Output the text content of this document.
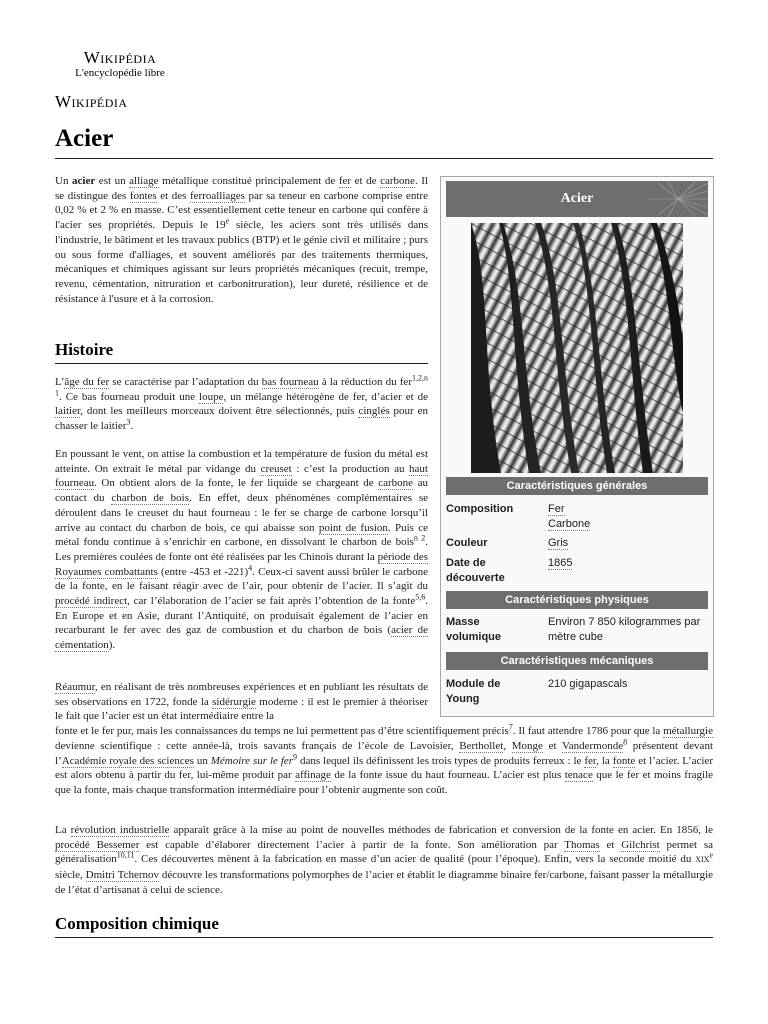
Wikipédia
L'encyclopédie libre
Wikipédia
Acier

Un acier est un alliage métallique constitué principalement de fer et de carbone. Il se distingue des fontes et des ferroalliages par sa teneur en carbone comprise entre 0,02 % et 2 % en masse. C’est essentiellement cette teneur en carbone qui confère à l'acier ses propriétés. Depuis le 19e siècle, les aciers sont très utilisés dans l'industrie, le bâtiment et les travaux publics (BTP) et le génie civil et militaire ; purs ou sous forme d'alliages, et souvent améliorés par des traitements thermiques, mécaniques et chimiques agissant sur leurs propriétés mécaniques (recuit, trempe, revenu, cémentation, nitruration et carbonitruration), leur dureté, résilience et de résistance à l'usure et à la corrosion.

Histoire

L’âge du fer se caractérise par l’adaptation du bas fourneau à la réduction du fer$^{1,2,n 1}$. Ce bas fourneau produit une loupe, un mélange hétérogène de fer, d’acier et de laitier, dont les meilleurs morceaux doivent être sélectionnés, puis cinglés pour en chasser le laitier$^3$.

En poussant le vent, on attise la combustion et la température de fusion du métal est atteinte. On extrait le métal par vidange du creuset : c’est la production au haut fourneau. On obtient alors de la fonte, le fer liquide se chargeant de carbone au contact du charbon de bois. En effet, deux phénomènes complémentaires se déroulent dans le creuset du haut fourneau : le fer se charge de carbone lorsqu’il arrive au contact du charbon de bois, ce qui abaisse son point de fusion. Puis ce métal fondu continue à s’enrichir en carbone, en dissolvant le charbon de bois$^{n 2}$. Les premières coulées de fonte ont été réalisées par les Chinois durant la période des Royaumes combattants (entre -453 et -221)$^4$. Ceux-ci savent aussi brûler le carbone de la fonte, en le faisant réagir avec de l’air, pour obtenir de l’acier. Il s’agit du procédé indirect, car l’élaboration de l’acier se fait après l’obtention de la fonte$^{5,6}$. En Europe et en Asie, durant l’Antiquité, on produisait également de l’acier en recarburant le fer avec des gaz de combustion et du charbon de bois (acier de cémentation).

Réaumur, en réalisant de très nombreuses expériences et en publiant les résultats de ses observations en 1722, fonde la sidérurgie moderne : il est le premier à théoriser le fait que l’acier est un état intermédiaire entre la

fonte et le fer pur, mais les connaissances du temps ne lui permettent pas d’être scientifiquement précis$^7$. Il faut attendre 1786 pour que la métallurgie devienne scientifique : cette année-là, trois savants français de l’école de Lavoisier, Berthollet, Monge et Vandermonde$^8$ présentent devant l’Académie royale des sciences un Mémoire sur le fer$^9$ dans lequel ils définissent les trois types de produits ferreux : le fer, la fonte et l’acier. L’acier est alors obtenu à partir du fer, lui-même produit par affinage de la fonte issue du haut fourneau. L’acier est plus tenace que le fer et moins fragile que la fonte, mais chaque transformation intermédiaire pour l’obtenir augmente son coût.

La révolution industrielle apparaît grâce à la mise au point de nouvelles méthodes de fabrication et conversion de la fonte en acier. En 1856, le procédé Bessemer est capable d’élaborer directement l’acier à partir de la fonte. Son amélioration par Thomas et Gilchrist permet sa généralisation$^{10,11}$. Ces découvertes mènent à la fabrication en masse d’un acier de qualité (pour l’époque). Enfin, vers la seconde moitié du XIXe siècle, Dmitri Tchernov découvre les transformations polymorphes de l’acier et établit le diagramme binaire fer/carbone, faisant passer la métallurgie de l’état d’artisanat à celui de science.

Composition chimique
Acier
Caractéristiques générales
Composition	Fer
Carbone
Couleur	Gris
Date de découverte
1865
Caractéristiques physiques
Masse volumique
Environ 7 850 kilogrammes par mètre cube
Caractéristiques mécaniques
Module de Young
210 gigapascals
